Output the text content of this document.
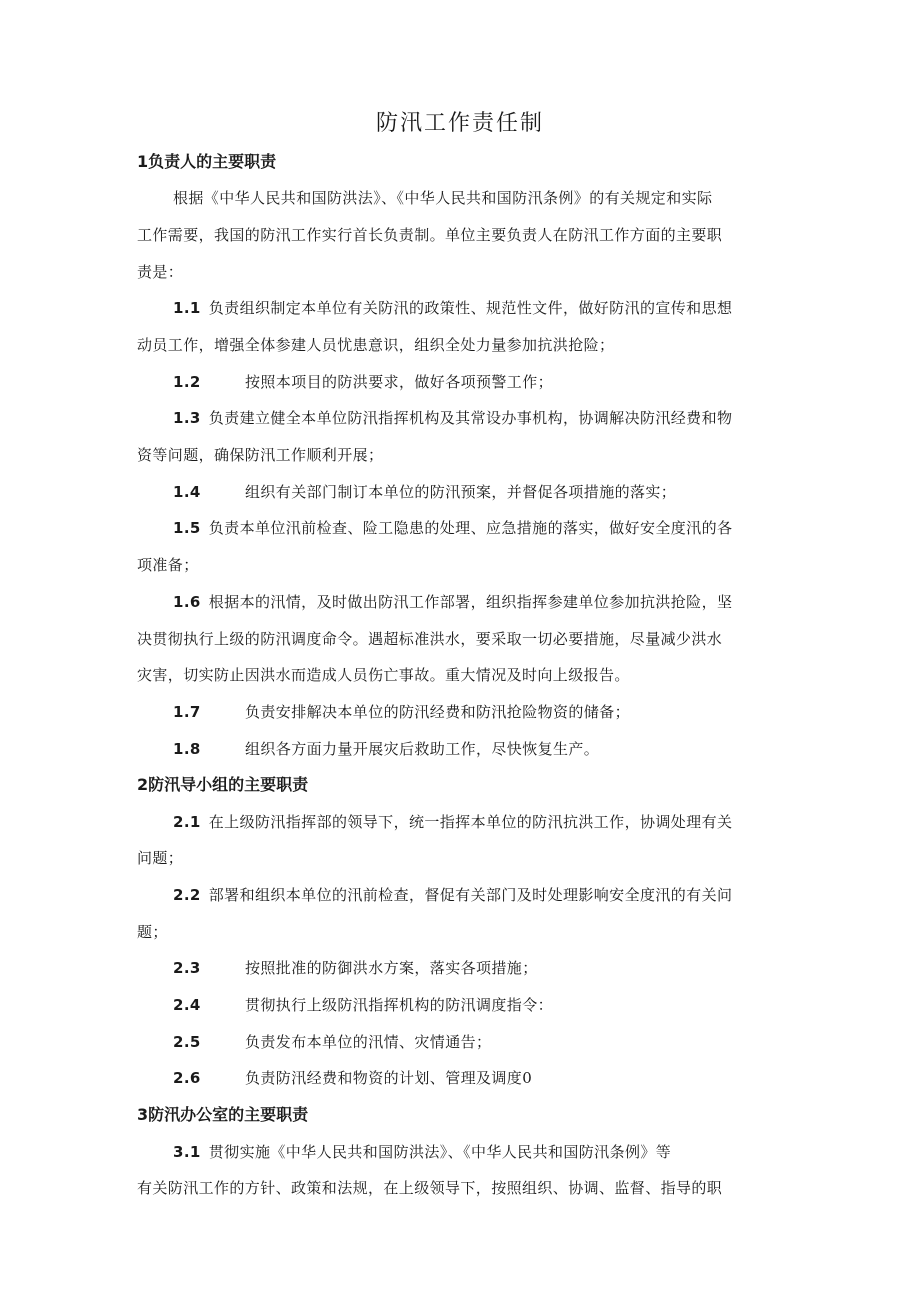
防汛工作责任制
1负责人的主要职责
根据《中华人民共和国防洪法》、《中华人民共和国防汛条例》的有关规定和实际
工作需要，我国的防汛工作实行首长负责制。单位主要负责人在防汛工作方面的主要职
责是：
1.1 负责组织制定本单位有关防汛的政策性、规范性文件，做好防汛的宣传和思想
动员工作，增强全体参建人员忧患意识，组织全处力量参加抗洪抢险；
1.2	按照本项目的防洪要求，做好各项预警工作；
1.3 负责建立健全本单位防汛指挥机构及其常设办事机构，协调解决防汛经费和物
资等问题，确保防汛工作顺利开展；
1.4	组织有关部门制订本单位的防汛预案，并督促各项措施的落实；
1.5 负责本单位汛前检查、险工隐患的处理、应急措施的落实，做好安全度汛的各
项准备；
1.6 根据本的汛情，及时做出防汛工作部署，组织指挥参建单位参加抗洪抢险，坚
决贯彻执行上级的防汛调度命令。遇超标准洪水，要采取一切必要措施，尽量减少洪水
灾害，切实防止因洪水而造成人员伤亡事故。重大情况及时向上级报告。
1.7	负责安排解决本单位的防汛经费和防汛抢险物资的储备；
1.8	组织各方面力量开展灾后救助工作，尽快恢复生产。
2防汛导小组的主要职责
2.1 在上级防汛指挥部的领导下，统一指挥本单位的防汛抗洪工作，协调处理有关
问题；
2.2 部署和组织本单位的汛前检查，督促有关部门及时处理影响安全度汛的有关问
题；
2.3	按照批准的防御洪水方案，落实各项措施；
2.4	贯彻执行上级防汛指挥机构的防汛调度指令：
2.5	负责发布本单位的汛情、灾情通告；
2.6	负责防汛经费和物资的计划、管理及调度0
3防汛办公室的主要职责
3.1 贯彻实施《中华人民共和国防洪法》、《中华人民共和国防汛条例》等
有关防汛工作的方针、政策和法规，在上级领导下，按照组织、协调、监督、指导的职
